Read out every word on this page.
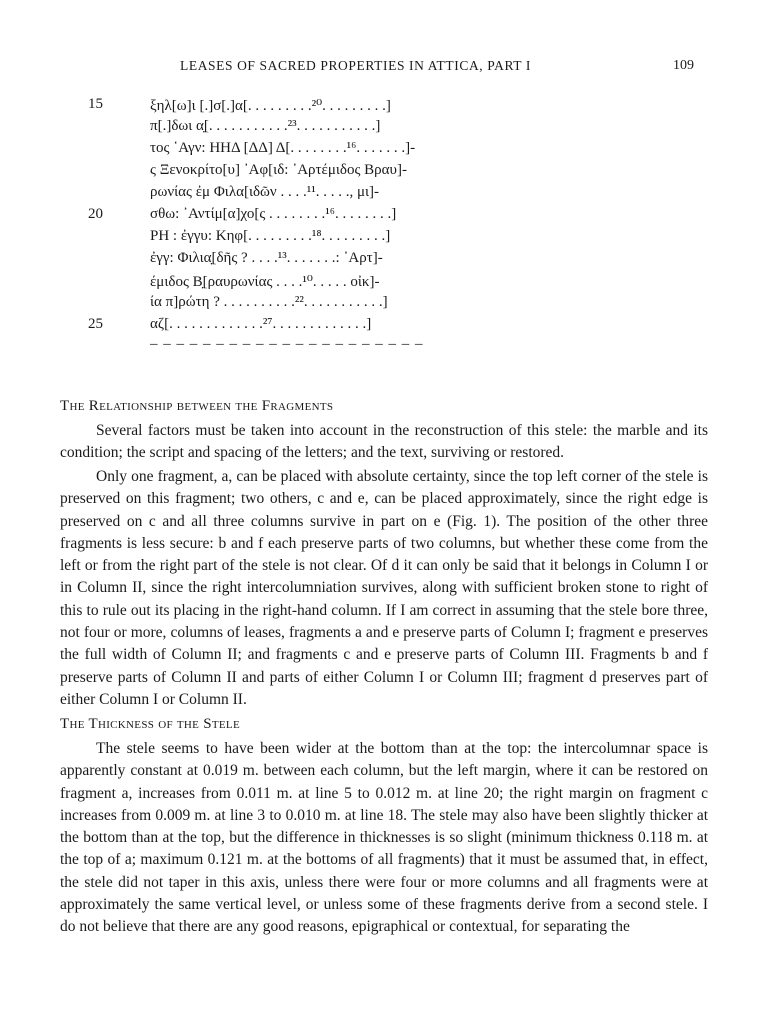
LEASES OF SACRED PROPERTIES IN ATTICA, PART I	109
15	ξηλ[ω]ι [.]σ[.]α[. . . . . . . . .²⁰. . . . . . . . .]
π[.]δωι α̣[. . . . . . . . . . .²³. . . . . . . . . . .]
τος ῾Αγν: ΗΗΔ [ΔΔ] Δ[. . . . . . . .¹⁶. . . . . . .]-
ς Ξενοκρίτο[υ] ᾿Αφ[ιδ: ᾿Αρτέμιδος Βραυ]-
ρωνίας ἐμ Φιλα[ιδῶν . . . .¹¹. . . . ., μι]-
20	σθω: ᾿Αντίμ[α]χο[ς . . . . . . . .¹⁶. . . . . . . .]
ΡΗ : ἐγγυ: Κηφ[. . . . . . . . .¹⁸. . . . . . . . .]
ἐγγ: Φιλια̣[δῆς ? . . . .¹³. . . . . . .: ᾿Αρτ]-
έμιδος Β̣[ραυρωνίας . . . .¹⁰. . . . . οἰκ]-
ία π]ρώτη ? . . . . . . . . . .²². . . . . . . . . . .]
25	αζ[. . . . . . . . . . . . .²⁷. . . . . . . . . . . . .]
– – – – – – – – – – – – – – – – – – – – –
The Relationship between the Fragments
Several factors must be taken into account in the reconstruction of this stele: the marble and its condition; the script and spacing of the letters; and the text, surviving or restored.
Only one fragment, a, can be placed with absolute certainty, since the top left corner of the stele is preserved on this fragment; two others, c and e, can be placed approximately, since the right edge is preserved on c and all three columns survive in part on e (Fig. 1). The position of the other three fragments is less secure: b and f each preserve parts of two columns, but whether these come from the left or from the right part of the stele is not clear. Of d it can only be said that it belongs in Column I or in Column II, since the right intercolumniation survives, along with sufficient broken stone to right of this to rule out its placing in the right-hand column. If I am correct in assuming that the stele bore three, not four or more, columns of leases, fragments a and e preserve parts of Column I; fragment e preserves the full width of Column II; and fragments c and e preserve parts of Column III. Fragments b and f preserve parts of Column II and parts of either Column I or Column III; fragment d preserves part of either Column I or Column II.
The Thickness of the Stele
The stele seems to have been wider at the bottom than at the top: the intercolumnar space is apparently constant at 0.019 m. between each column, but the left margin, where it can be restored on fragment a, increases from 0.011 m. at line 5 to 0.012 m. at line 20; the right margin on fragment c increases from 0.009 m. at line 3 to 0.010 m. at line 18. The stele may also have been slightly thicker at the bottom than at the top, but the difference in thicknesses is so slight (minimum thickness 0.118 m. at the top of a; maximum 0.121 m. at the bottoms of all fragments) that it must be assumed that, in effect, the stele did not taper in this axis, unless there were four or more columns and all fragments were at approximately the same vertical level, or unless some of these fragments derive from a second stele. I do not believe that there are any good reasons, epigraphical or contextual, for separating the
